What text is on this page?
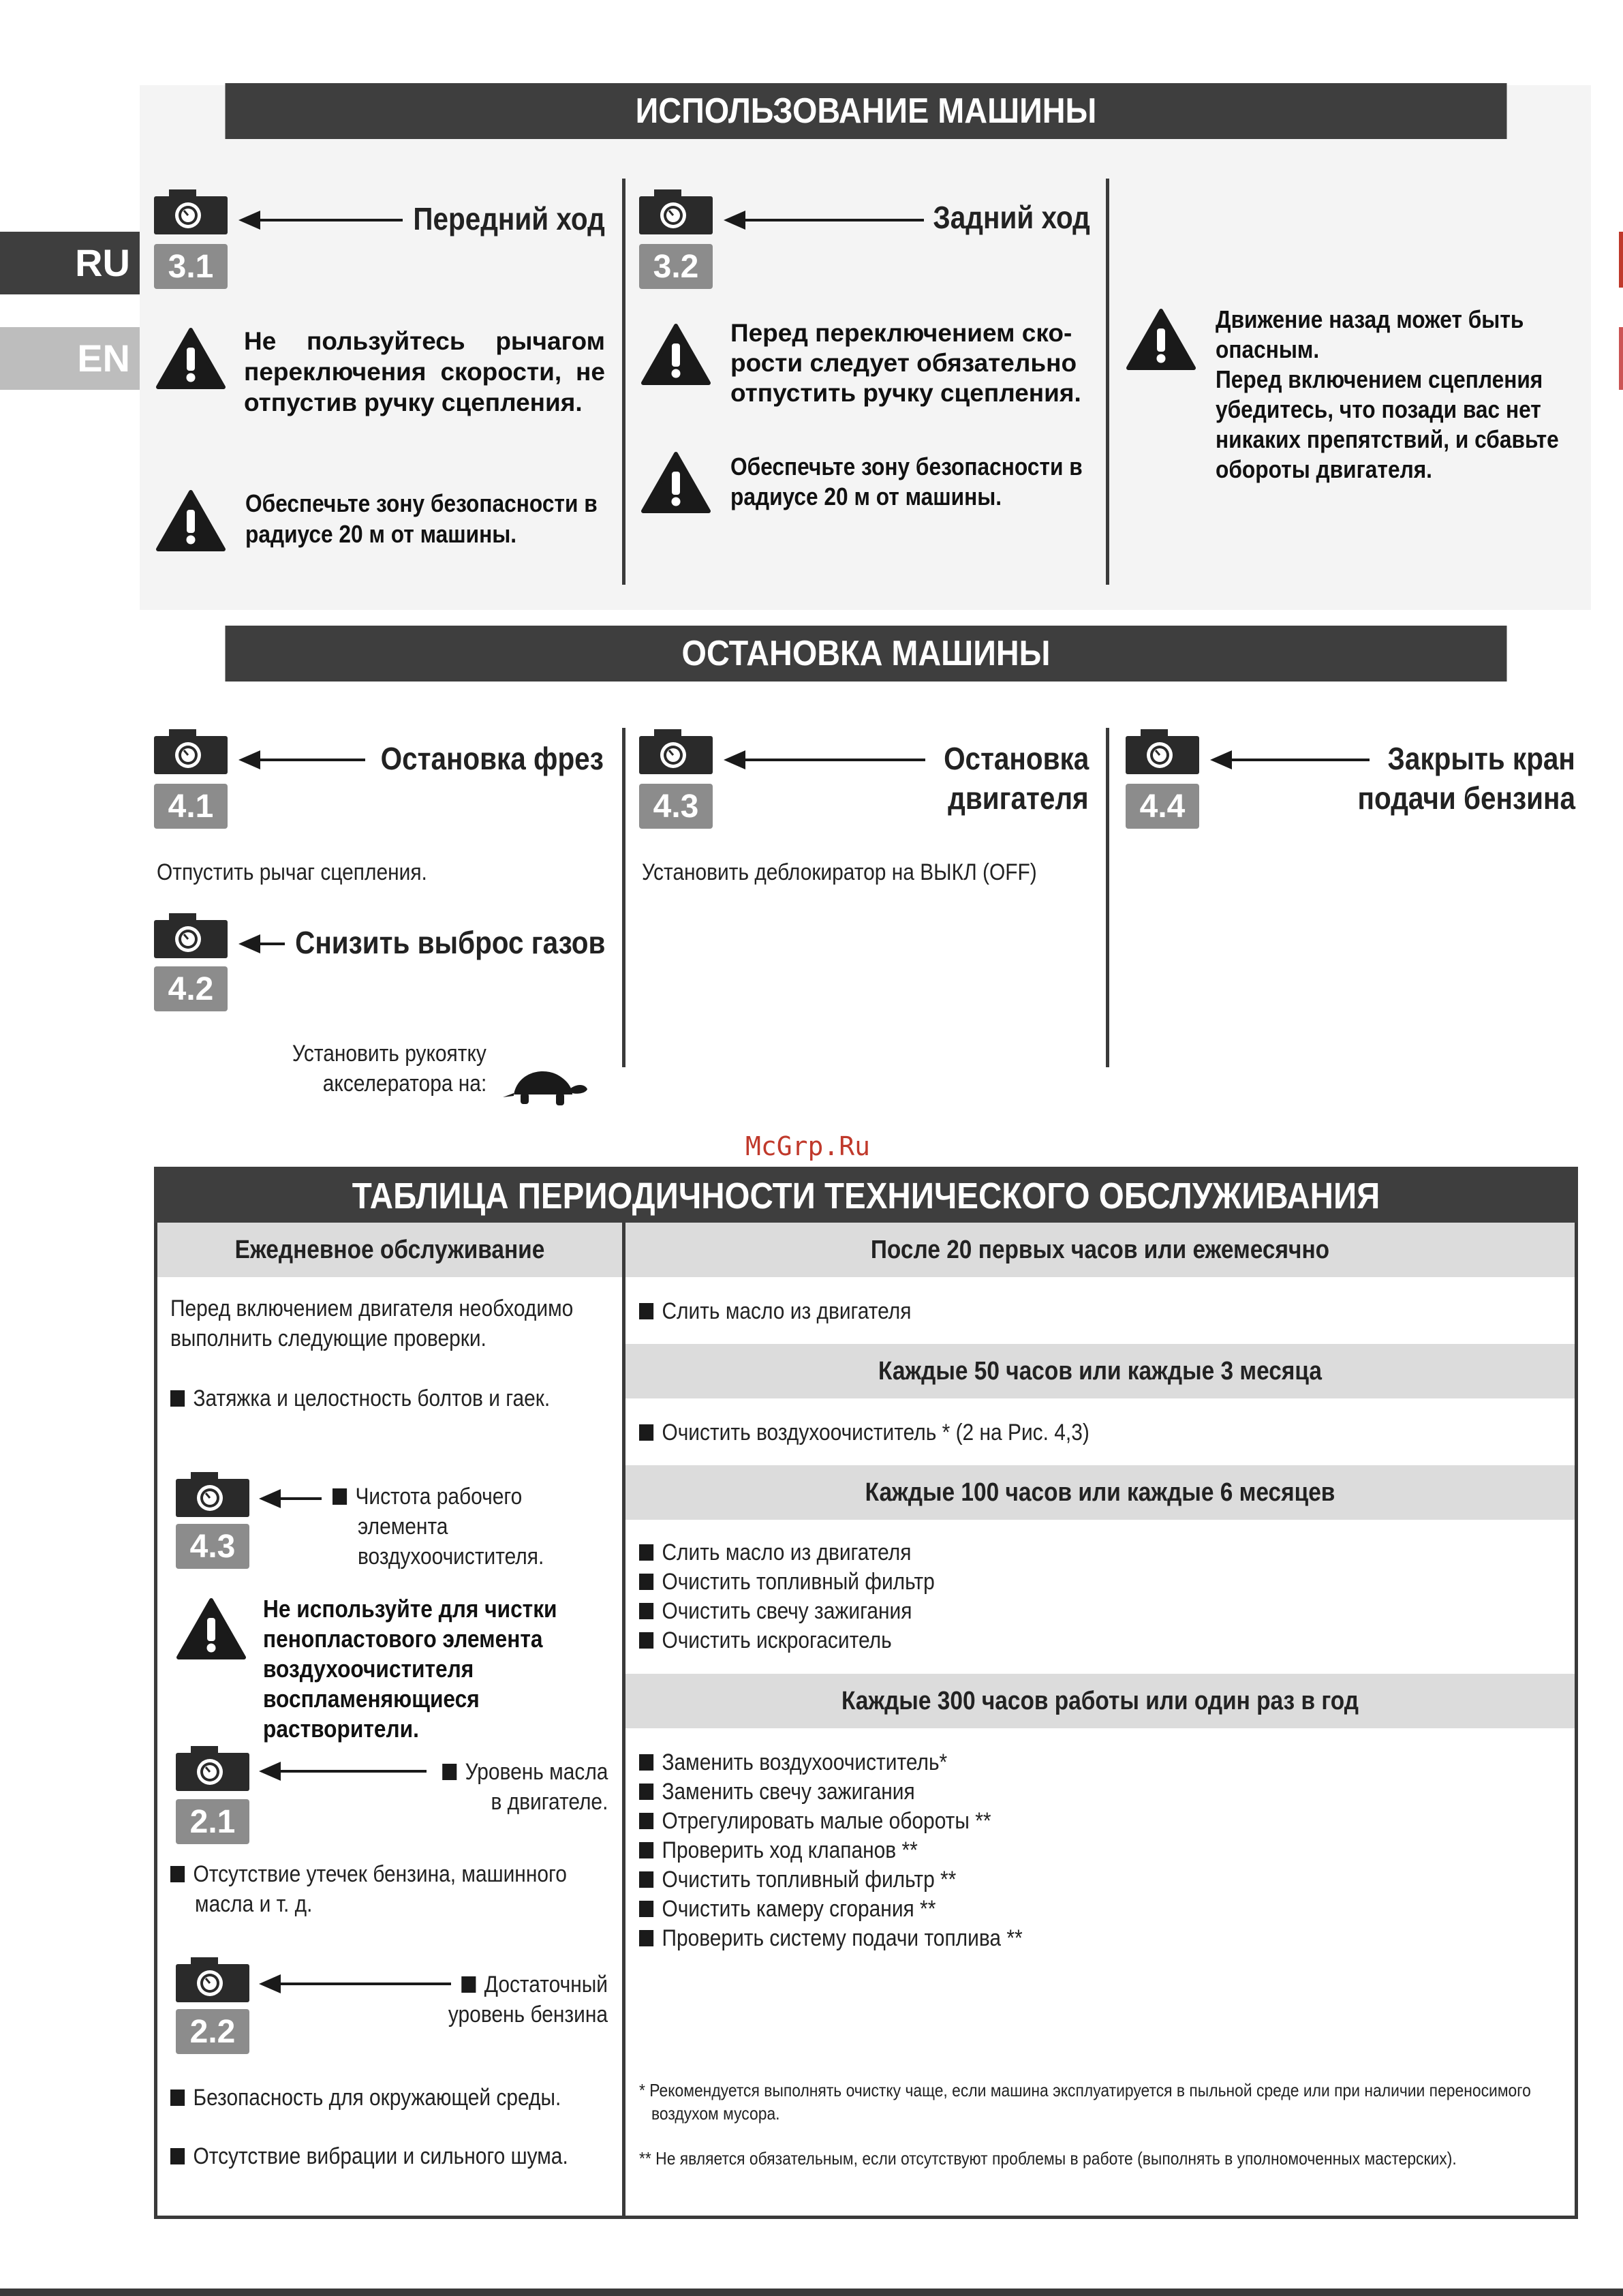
RU
EN
ИСПОЛЬЗОВАНИЕ МАШИНЫ
3.1
Передний ход
Не пользуйтесь рычагом переключения скорости, не отпустив ручку сцепления.
Обеспечьте зону безопасности в
радиусе 20 м от машины.
3.2
Задний ход
Перед переключением ско-
рости следует обязательно
отпустить ручку сцепления.
Обеспечьте зону безопасности в
радиусе 20 м от машины.
Движение назад может быть
опасным.
Перед включением сцепления
убедитесь, что позади вас нет
никаких препятствий, и сбавьте
обороты двигателя.
ОСТАНОВКА МАШИНЫ
4.1
Остановка фрез
Отпустить рычаг сцепления.
4.2
Снизить выброс газов
Установить рукоятку
акселератора на:
4.3
Остановка
двигателя
Установить деблокиратор на ВЫКЛ (OFF)
4.4
Закрыть кран
подачи бензина
McGrp.Ru
ТАБЛИЦА ПЕРИОДИЧНОСТИ ТЕХНИЧЕСКОГО ОБСЛУЖИВАНИЯ
Ежедневное обслуживание
Перед включением двигателя необходимо
выполнить следующие проверки.
Затяжка и целостность болтов и гаек.
4.3
Чистота рабочего
элемента
воздухоочистителя.
Не используйте для чистки
пенопластового элемента
воздухоочистителя
воспламеняющиеся
растворители.
2.1
Уровень масла
в двигателе.
Отсутствие утечек бензина, машинного
масла и т. д.
2.2
Достаточный
уровень бензина
Безопасность для окружающей среды.
Отсутствие вибрации и сильного шума.
После 20 первых часов или ежемесячно
Слить масло из двигателя
Каждые 50 часов или каждые 3 месяца
Очистить воздухоочиститель * (2 на Рис. 4,3)
Каждые 100 часов или каждые 6 месяцев
Слить масло из двигателя
Очистить топливный фильтр
Очистить свечу зажигания
Очистить искрогаситель
Каждые 300 часов работы или один раз в год
Заменить воздухоочиститель*
Заменить свечу зажигания
Отрегулировать малые обороты **
Проверить ход клапанов **
Очистить топливный фильтр **
Очистить камеру сгорания **
Проверить систему подачи топлива **
* Рекомендуется выполнять очистку чаще, если машина эксплуатируется в пыльной среде или при наличии переносимого
воздухом мусора.
** Не является обязательным, если отсутствуют проблемы в работе (выполнять в уполномоченных мастерских).
